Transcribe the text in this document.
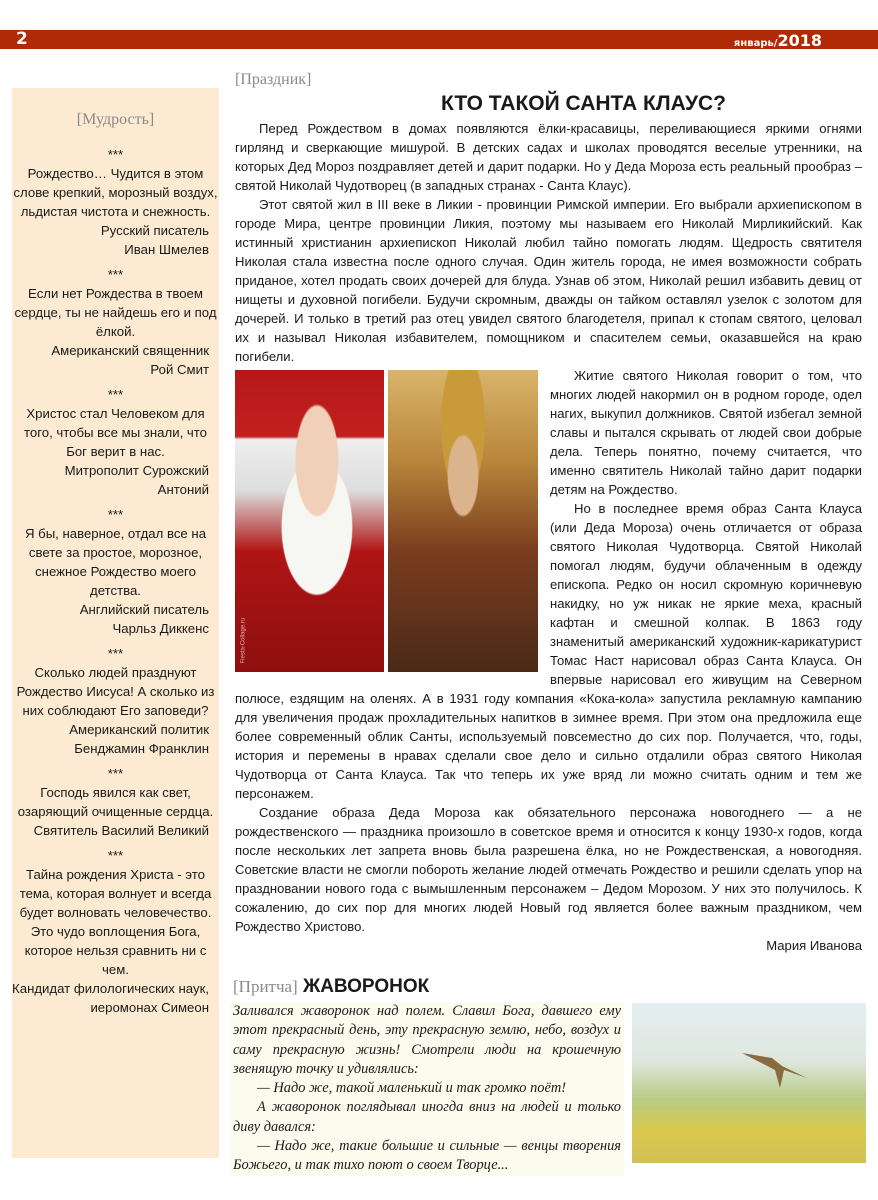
2	январь/2018
[Мудрость]
***
Рождество… Чудится в этом слове крепкий, морозный воздух, льдистая чистота и снежность.
Русский писатель
Иван Шмелев
***
Если нет Рождества в твоем сердце, ты не найдешь его и под ёлкой.
Американский священник
Рой Смит
***
Христос стал Человеком для того, чтобы все мы знали, что Бог верит в нас.
Митрополит Сурожский
Антоний
***
Я бы, наверное, отдал все на свете за простое, морозное, снежное Рождество моего детства.
Английский писатель
Чарльз Диккенс
***
Сколько людей празднуют Рождество Иисуса! А сколько из них соблюдают Его заповеди?
Американский политик
Бенджамин Франклин
***
Господь явился как свет, озаряющий очищенные сердца.
Святитель Василий Великий
***
Тайна рождения Христа - это тема, которая волнует и всегда будет волновать человечество. Это чудо воплощения Бога, которое нельзя сравнить ни с чем.
Кандидат филологических наук, иеромонах Симеон
[Праздник]
КТО ТАКОЙ САНТА КЛАУС?

Перед Рождеством в домах появляются ёлки-красавицы, переливающиеся яркими огнями гирлянд и сверкающие мишурой. В детских садах и школах проводятся веселые утренники, на которых Дед Мороз поздравляет детей и дарит подарки. Но у Деда Мороза есть реальный прообраз – святой Николай Чудотворец (в западных странах - Санта Клаус).

Этот святой жил в III веке в Ликии - провинции Римской империи. Его выбрали архиепископом в городе Мира, центре провинции Ликия, поэтому мы называем его Николай Мирликийский. Как истинный христианин архиепископ Николай любил тайно помогать людям. Щедрость святителя Николая стала известна после одного случая. Один житель города, не имея возможности собрать приданое, хотел продать своих дочерей для блуда. Узнав об этом, Николай решил избавить девиц от нищеты и духовной погибели. Будучи скромным, дважды он тайком оставлял узелок с золотом для дочерей. И только в третий раз отец увидел святого благодетеля, припал к стопам святого, целовал их и называл Николая избавителем, помощником и спасителем семьи, оказавшейся на краю погибели.

Fiesta-Collage.ru

Житие святого Николая говорит о том, что многих людей накормил он в родном городе, одел нагих, выкупил должников. Святой избегал земной славы и пытался скрывать от людей свои добрые дела. Теперь понятно, почему считается, что именно святитель Николай тайно дарит подарки детям на Рождество.

Но в последнее время образ Санта Клауса (или Деда Мороза) очень отличается от образа святого Николая Чудотворца. Святой Николай помогал людям, будучи облаченным в одежду епископа. Редко он носил скромную коричневую накидку, но уж никак не яркие меха, красный кафтан и смешной колпак. В 1863 году знаменитый американский художник-карикатурист Томас Наст нарисовал образ Санта Клауса. Он впервые нарисовал его живущим на Северном полюсе, ездящим на оленях. А в 1931 году компания «Кока-кола» запустила рекламную кампанию для увеличения продаж прохладительных напитков в зимнее время. При этом она предложила еще более современный облик Санты, используемый повсеместно до сих пор. Получается, что, годы, история и перемены в нравах сделали свое дело и сильно отдалили образ святого Николая Чудотворца от Санта Клауса. Так что теперь их уже вряд ли можно считать одним и тем же персонажем.

Создание образа Деда Мороза как обязательного персонажа новогоднего — а не рождественского — праздника произошло в советское время и относится к концу 1930-х годов, когда после нескольких лет запрета вновь была разрешена ёлка, но не Рождественская, а новогодняя. Советские власти не смогли побороть желание людей отмечать Рождество и решили сделать упор на праздновании нового года с вымышленным персонажем – Дедом Морозом. У них это получилось. К сожалению, до сих пор для многих людей Новый год является более важным праздником, чем Рождество Христово.

Мария Иванова

[Притча] ЖАВОРОНОК

Заливался жаворонок над полем. Славил Бога, давшего ему этот прекрасный день, эту прекрасную землю, небо, воздух и саму прекрасную жизнь! Смотрели люди на крошечную звенящую точку и удивлялись:

— Надо же, такой маленький и так громко поёт!

А жаворонок поглядывал иногда вниз на людей и только диву давался:

— Надо же, такие большие и сильные — венцы творения Божьего, и так тихо поют о своем Творце...
